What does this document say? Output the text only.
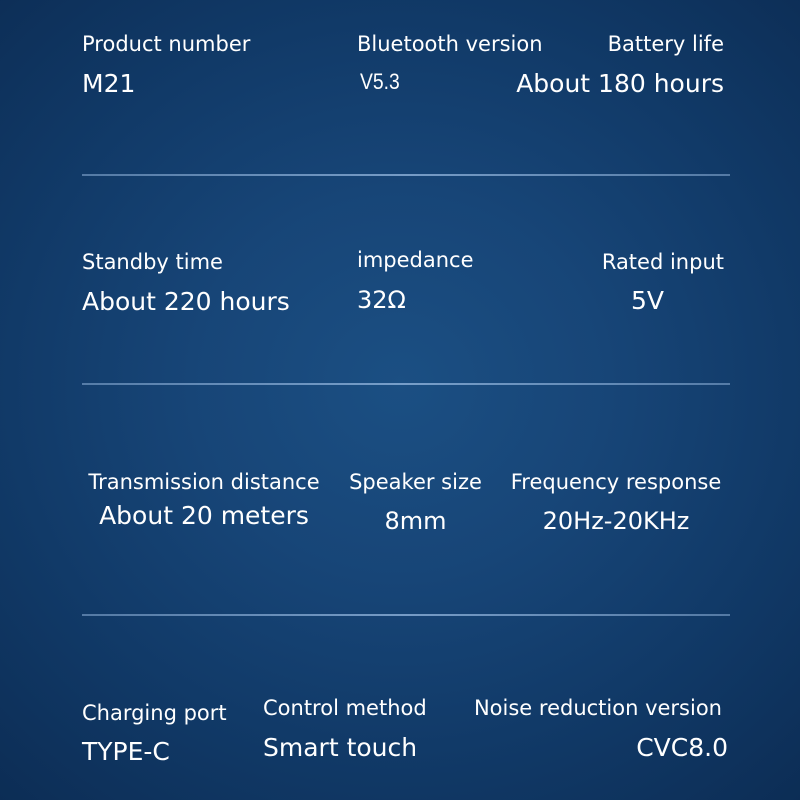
Product number
M21
Bluetooth version
V5.3
Battery life
About 180 hours
Standby time
About 220 hours
impedance
32Ω
Rated input
5V
Transmission distance
About 20 meters
Speaker size
8mm
Frequency response
20Hz-20KHz
Charging port
TYPE-C
Control method
Smart touch
Noise reduction version
CVC8.0
